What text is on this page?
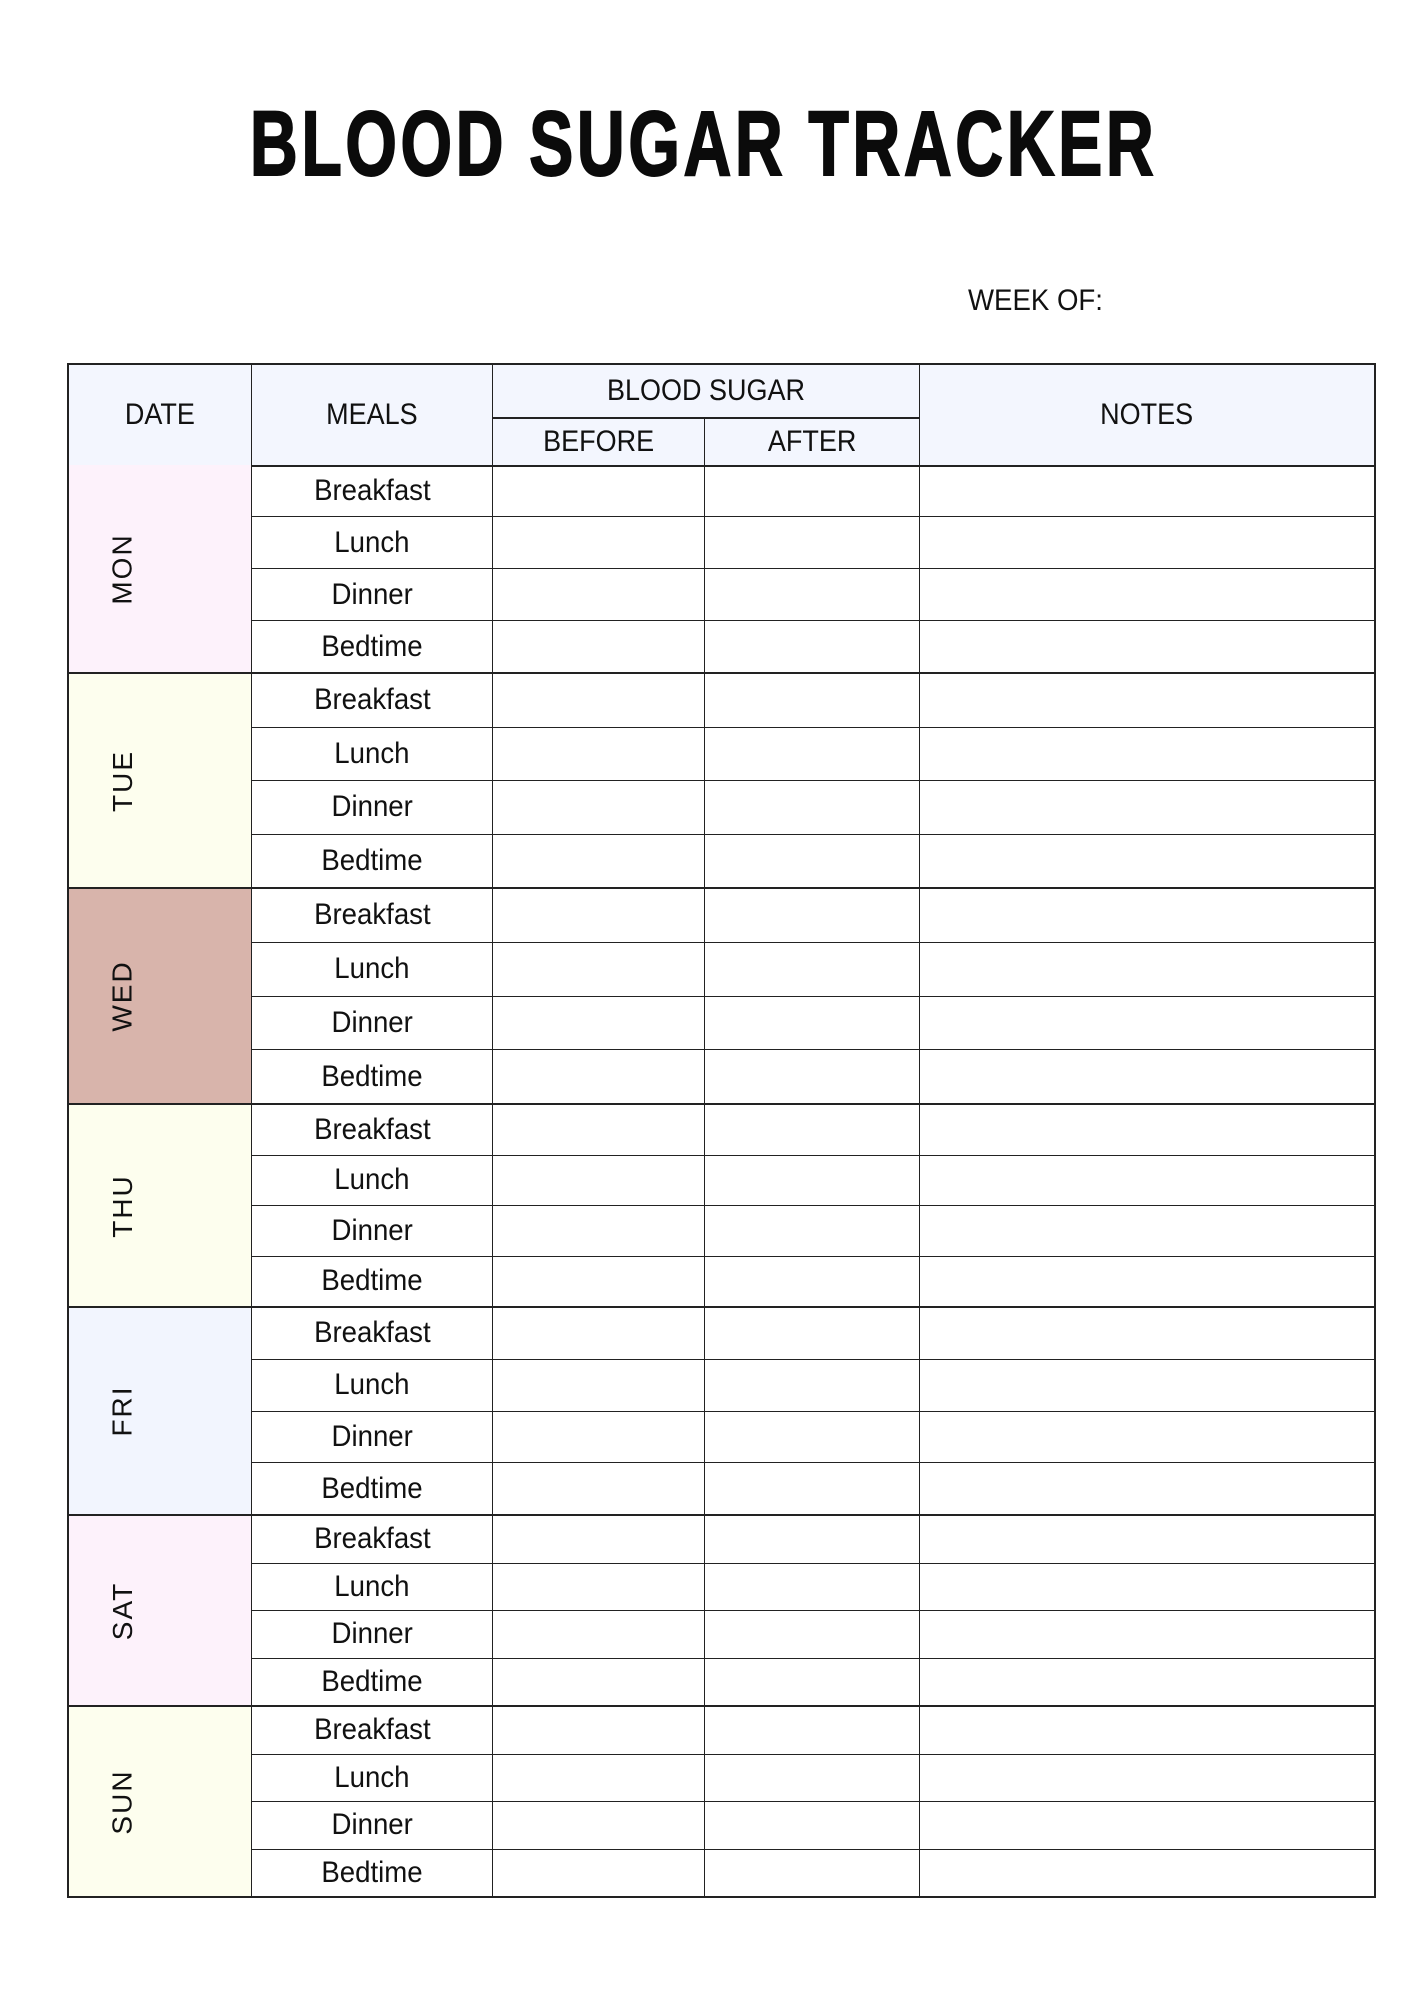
BLOOD SUGAR TRACKER
WEEK OF:
DATE	MEALS
BLOOD SUGAR
BEFORE	AFTER
NOTES
MON
Breakfast
Lunch
Dinner
Bedtime
TUE
Breakfast
Lunch
Dinner
Bedtime
WED
Breakfast
Lunch
Dinner
Bedtime
THU
Breakfast
Lunch
Dinner
Bedtime
FRI
Breakfast
Lunch
Dinner
Bedtime
SAT
Breakfast
Lunch
Dinner
Bedtime
SUN
Breakfast
Lunch
Dinner
Bedtime
